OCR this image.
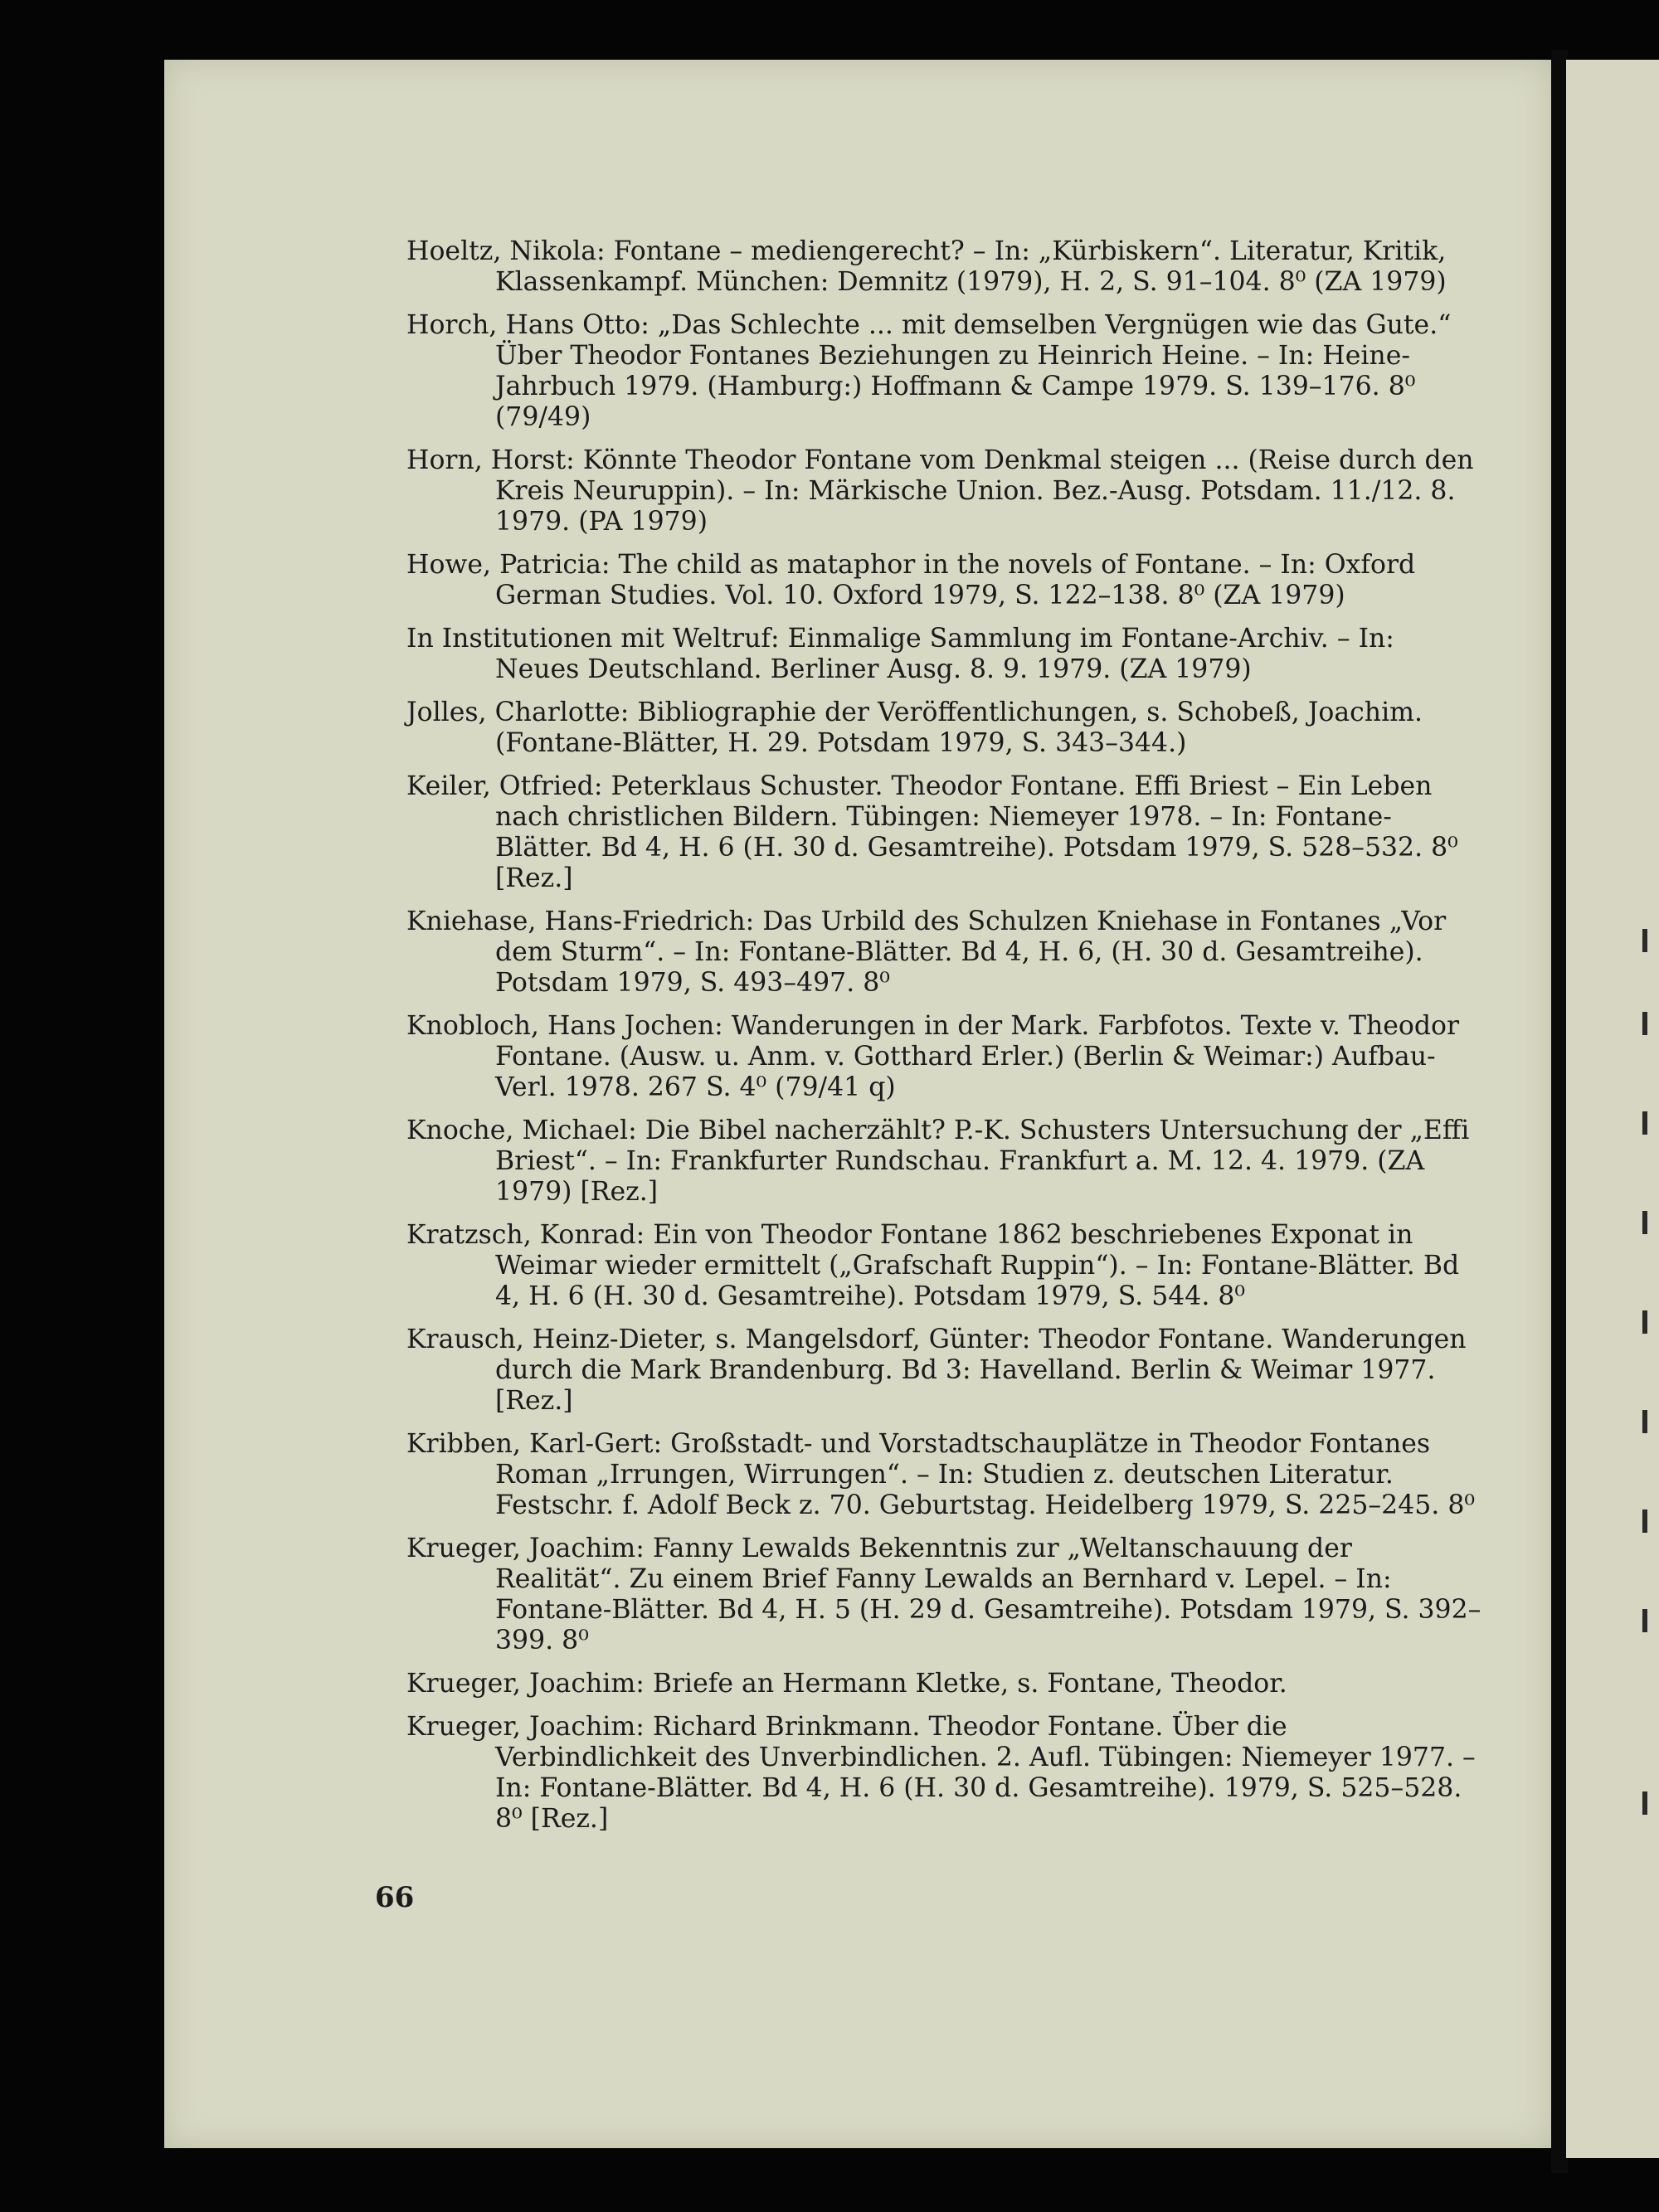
Hoeltz, Nikola: Fontane – mediengerecht? – In: „Kürbiskern“. Literatur, Kritik, Klassenkampf. München: Demnitz (1979), H. 2, S. 91–104. 8⁰ (ZA 1979)
Horch, Hans Otto: „Das Schlechte ... mit demselben Vergnügen wie das Gute.“ Über Theodor Fontanes Beziehungen zu Heinrich Heine. – In: Heine-Jahrbuch 1979. (Hamburg:) Hoffmann & Campe 1979. S. 139–176. 8⁰ (79/49)
Horn, Horst: Könnte Theodor Fontane vom Denkmal steigen ... (Reise durch den Kreis Neuruppin). – In: Märkische Union. Bez.-Ausg. Potsdam. 11./12. 8. 1979. (PA 1979)
Howe, Patricia: The child as mataphor in the novels of Fontane. – In: Oxford German Studies. Vol. 10. Oxford 1979, S. 122–138. 8⁰ (ZA 1979)
In Institutionen mit Weltruf: Einmalige Sammlung im Fontane-Archiv. – In: Neues Deutschland. Berliner Ausg. 8. 9. 1979. (ZA 1979)
Jolles, Charlotte: Bibliographie der Veröffentlichungen, s. Schobeß, Joachim. (Fontane-Blätter, H. 29. Potsdam 1979, S. 343–344.)
Keiler, Otfried: Peterklaus Schuster. Theodor Fontane. Effi Briest – Ein Leben nach christlichen Bildern. Tübingen: Niemeyer 1978. – In: Fontane-Blätter. Bd 4, H. 6 (H. 30 d. Gesamtreihe). Potsdam 1979, S. 528–532. 8⁰ [Rez.]
Kniehase, Hans-Friedrich: Das Urbild des Schulzen Kniehase in Fontanes „Vor dem Sturm“. – In: Fontane-Blätter. Bd 4, H. 6, (H. 30 d. Gesamtreihe). Potsdam 1979, S. 493–497. 8⁰
Knobloch, Hans Jochen: Wanderungen in der Mark. Farbfotos. Texte v. Theodor Fontane. (Ausw. u. Anm. v. Gotthard Erler.) (Berlin & Weimar:) Aufbau-Verl. 1978. 267 S. 4⁰ (79/41 q)
Knoche, Michael: Die Bibel nacherzählt? P.-K. Schusters Untersuchung der „Effi Briest“. – In: Frankfurter Rundschau. Frankfurt a. M. 12. 4. 1979. (ZA 1979) [Rez.]
Kratzsch, Konrad: Ein von Theodor Fontane 1862 beschriebenes Exponat in Weimar wieder ermittelt („Grafschaft Ruppin“). – In: Fontane-Blätter. Bd 4, H. 6 (H. 30 d. Gesamtreihe). Potsdam 1979, S. 544. 8⁰
Krausch, Heinz-Dieter, s. Mangelsdorf, Günter: Theodor Fontane. Wanderungen durch die Mark Brandenburg. Bd 3: Havelland. Berlin & Weimar 1977. [Rez.]
Kribben, Karl-Gert: Großstadt- und Vorstadtschauplätze in Theodor Fontanes Roman „Irrungen, Wirrungen“. – In: Studien z. deutschen Literatur. Festschr. f. Adolf Beck z. 70. Geburtstag. Heidelberg 1979, S. 225–245. 8⁰
Krueger, Joachim: Fanny Lewalds Bekenntnis zur „Weltanschauung der Realität“. Zu einem Brief Fanny Lewalds an Bernhard v. Lepel. – In: Fontane-Blätter. Bd 4, H. 5 (H. 29 d. Gesamtreihe). Potsdam 1979, S. 392–399. 8⁰
Krueger, Joachim: Briefe an Hermann Kletke, s. Fontane, Theodor.
Krueger, Joachim: Richard Brinkmann. Theodor Fontane. Über die Verbindlichkeit des Unverbindlichen. 2. Aufl. Tübingen: Niemeyer 1977. – In: Fontane-Blätter. Bd 4, H. 6 (H. 30 d. Gesamtreihe). 1979, S. 525–528. 8⁰ [Rez.]
66
